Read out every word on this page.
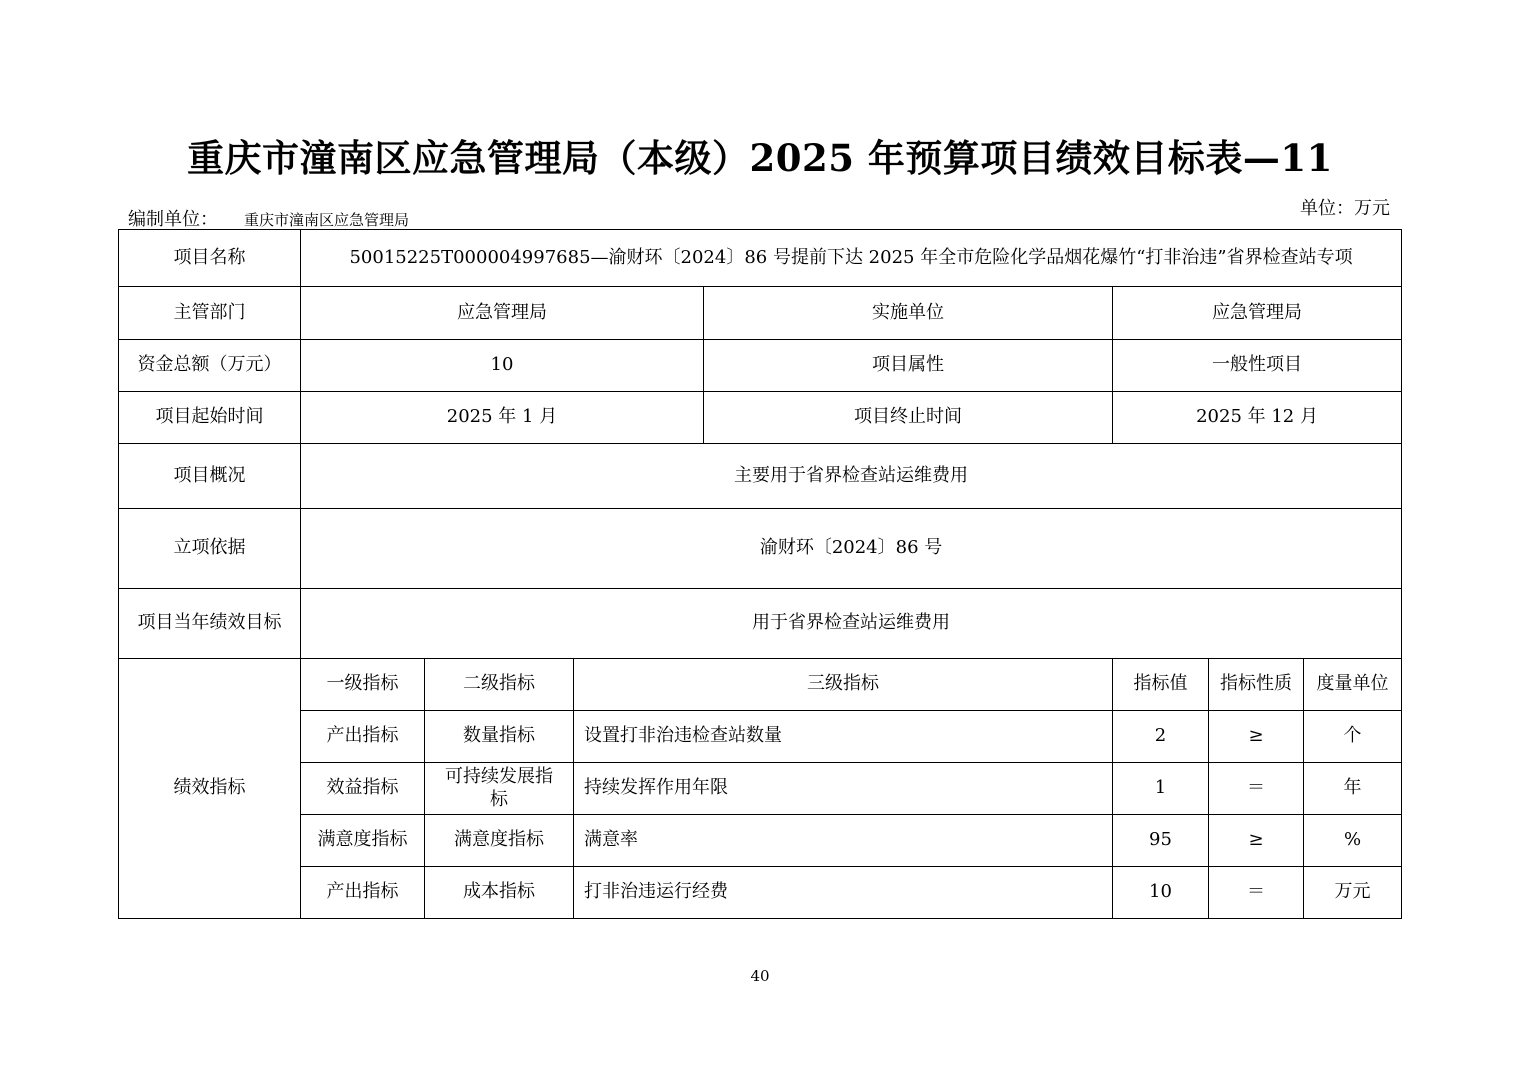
重庆市潼南区应急管理局（本级）2025 年预算项目绩效目标表—11
编制单位： 重庆市潼南区应急管理局
单位：万元
项目名称	50015225T000004997685—渝财环〔2024〕86 号提前下达 2025 年全市危险化学品烟花爆竹“打非治违”省界检查站专项						
主管部门	应急管理局			实施单位	应急管理局		
资金总额（万元）	10			项目属性	一般性项目		
项目起始时间	2025 年 1 月			项目终止时间	2025 年 12 月		
项目概况	主要用于省界检查站运维费用						
立项依据	渝财环〔2024〕86 号						
项目当年绩效目标	用于省界检查站运维费用						
绩效指标	一级指标	二级指标	三级指标		指标值	指标性质	度量单位
	产出指标	数量指标	设置打非治违检查站数量		2	≥	个
	效益指标	可持续发展指标	持续发挥作用年限		1	＝	年
	满意度指标	满意度指标	满意率		95	≥	%
	产出指标	成本指标	打非治违运行经费		10	＝	万元
40
